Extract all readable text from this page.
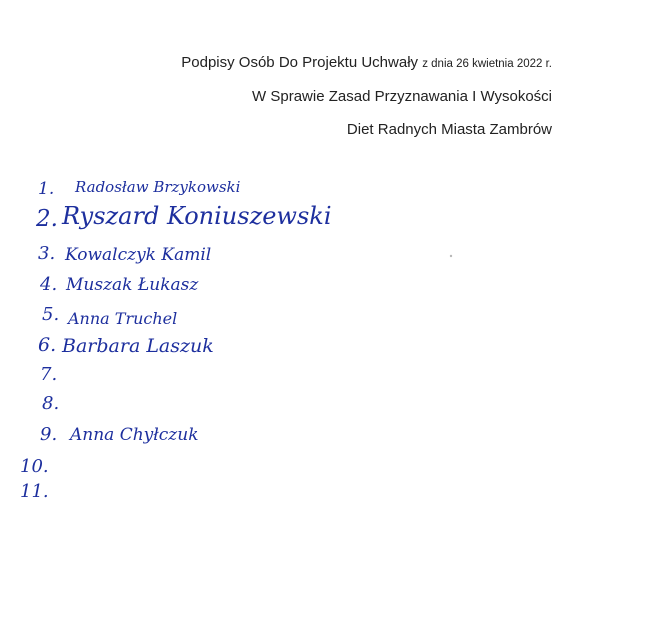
Podpisy Osób Do Projektu Uchwały z dnia 26 kwietnia 2022 r.
W Sprawie Zasad Przyznawania I Wysokości
Diet Radnych Miasta Zambrów
1. Radosław Brzykowski
2. Ryszard Koniuszewski
3. Kowalczyk Kamil
4. Muszak Łukasz
5. Anna Truchel
6. Barbara Laszuk
7.
8.
9. Anna Chyłczuk
10.
11.
